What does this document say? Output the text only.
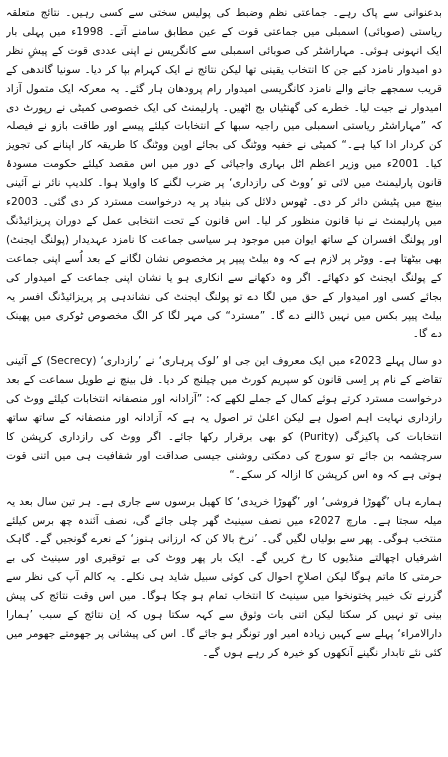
بدعنوانی سے پاک رہے۔ جماعتی نظم وضبط کی پولیس سختی سے کسی رہیں۔ نتائج متعلقہ ریاستی (صوبائی) اسمبلی میں جماعتی قوت کے عین مطابق سامنے آتے۔ 1998ء میں پہلی بار ایک انہونی ہوئی۔ مہاراشٹر کی صوبائی اسمبلی سے کانگریس نے اپنی عددی قوت کے پیشِ نظر دو امیدوار نامزد کیے جن کا انتخاب یقینی تھا لیکن نتائج نے ایک کہرام بپا کر دیا۔ سونیا گاندھی کے قریب سمجھے جانے والے نامزد کانگریسی امیدوار رام پرودھان ہار گئے۔ یہ معرکہ ایک متمول آزاد امیدوار نے جیت لیا۔ خطرے کی گھنٹیاں بج اٹھیں۔ پارلیمنٹ کی ایک خصوصی کمیٹی نے رپورٹ دی کہ ”مہاراشٹر ریاستی اسمبلی میں راجیہ سبھا کے انتخابات کیلئے پیسے اور طاقت بازو نے فیصلہ کن کردار ادا کیا ہے۔“ کمیٹی نے خفیہ ووٹنگ کی بجائے اوپن ووٹنگ کا طریقہ کار اپنانے کی تجویز کیا۔ 2001ء میں وزیر اعظم اٹل بہاری واجپائی کے دور میں اس مقصد کیلئے حکومت مسودۂ قانون پارلیمنٹ میں لائی تو ’ووٹ کی رازداری‘ پر ضرب لگنے کا واویلا ہوا۔ کلدیپ نائر نے آئینی بینچ میں پٹیشن دائر کر دی۔ ٹھوس دلائل کی بنیاد پر یہ درخواست مسترد کر دی گئی۔ 2003ء میں پارلیمنٹ نے نیا قانون منظور کر لیا۔ اس قانون کے تحت انتخابی عمل کے دوران پریزائیڈنگ اور پولنگ افسران کے ساتھ ایوان میں موجود ہر سیاسی جماعت کا نامزد عہدیدار (پولنگ ایجنٹ) بھی بیٹھتا ہے۔ ووٹر پر لازم ہے کہ وہ بیلٹ پیپر پر مخصوص نشان لگانے کے بعد اُسے اپنی جماعت کے پولنگ ایجنٹ کو دکھائے۔ اگر وہ دکھانے سے انکاری ہو یا نشان اپنی جماعت کے امیدوار کی بجائے کسی اور امیدوار کے حق میں لگا دے تو پولنگ ایجنٹ کی نشاندہی پر پریزائیڈنگ افسر یہ بیلٹ پیپر بکس میں نہیں ڈالنے دے گا۔ ”مسترد“ کی مہر لگا کر الگ مخصوص ٹوکری میں پھینک دے گا۔

دو سال پہلے 2023ء میں ایک معروف این جی او ’لوک پرہاری‘ نے ’رازداری‘ (Secrecy) کے آئینی تقاضے کے نام پر اِسی قانون کو سپریم کورٹ میں چیلنج کر دیا۔ فل بینچ نے طویل سماعت کے بعد درخواست مسترد کرتے ہوئے کمال کے جملے لکھے کہ: ”آزادانہ اور منصفانہ انتخابات کیلئے ووٹ کی رازداری نہایت اہم اصول ہے لیکن اعلیٰ تر اصول یہ ہے کہ آزادانہ اور منصفانہ کے ساتھ ساتھ انتخابات کی پاکیزگی (Purity) کو بھی برقرار رکھا جائے۔ اگر ووٹ کی رازداری کرپشن کا سرچشمہ بن جائے تو سورج کی دمکتی روشنی جیسی صداقت اور شفافیت ہی میں اتنی قوت ہوتی ہے کہ وہ اس کرپشن کا ازالہ کر سکے۔“

ہمارے ہاں ’گھوڑا فروشی‘ اور ’گھوڑا خریدی‘ کا کھیل برسوں سے جاری ہے۔ ہر تین سال بعد یہ میلہ سجتا ہے۔ مارچ 2027ء میں نصف سینیٹ گھر چلی جائے گی، نصف آئندہ چھ برس کیلئے منتخب ہوگی۔ پھر سے بولیاں لگیں گی۔ ’نرخ بالا کن کہ ارزانی ہنوز‘ کے نعرے گونجیں گے۔ گاہک اشرفیاں اچھالتے منڈیوں کا رخ کریں گے۔ ایک بار پھر ووٹ کی بے توقیری اور سینیٹ کی بے حرمتی کا ماتم ہوگا لیکن اصلاحِ احوال کی کوئی سبیل شاید ہی نکلے۔ یہ کالم آپ کی نظر سے گزرنے تک خیبر پختونخوا میں سینیٹ کا انتخاب تمام ہو چکا ہوگا۔ میں اس وقت نتائج کی پیش بینی تو نہیں کر سکتا لیکن اتنی بات وثوق سے کہہ سکتا ہوں کہ اِن نتائج کے سبب ’ہمارا دارالامراء‘ پہلے سے کہیں زیادہ امیر اور تونگر ہو جائے گا۔ اس کی پیشانی پر جھومتے جھومر میں کئی نئے تابدار نگینے آنکھوں کو خیرہ کر رہے ہوں گے۔
